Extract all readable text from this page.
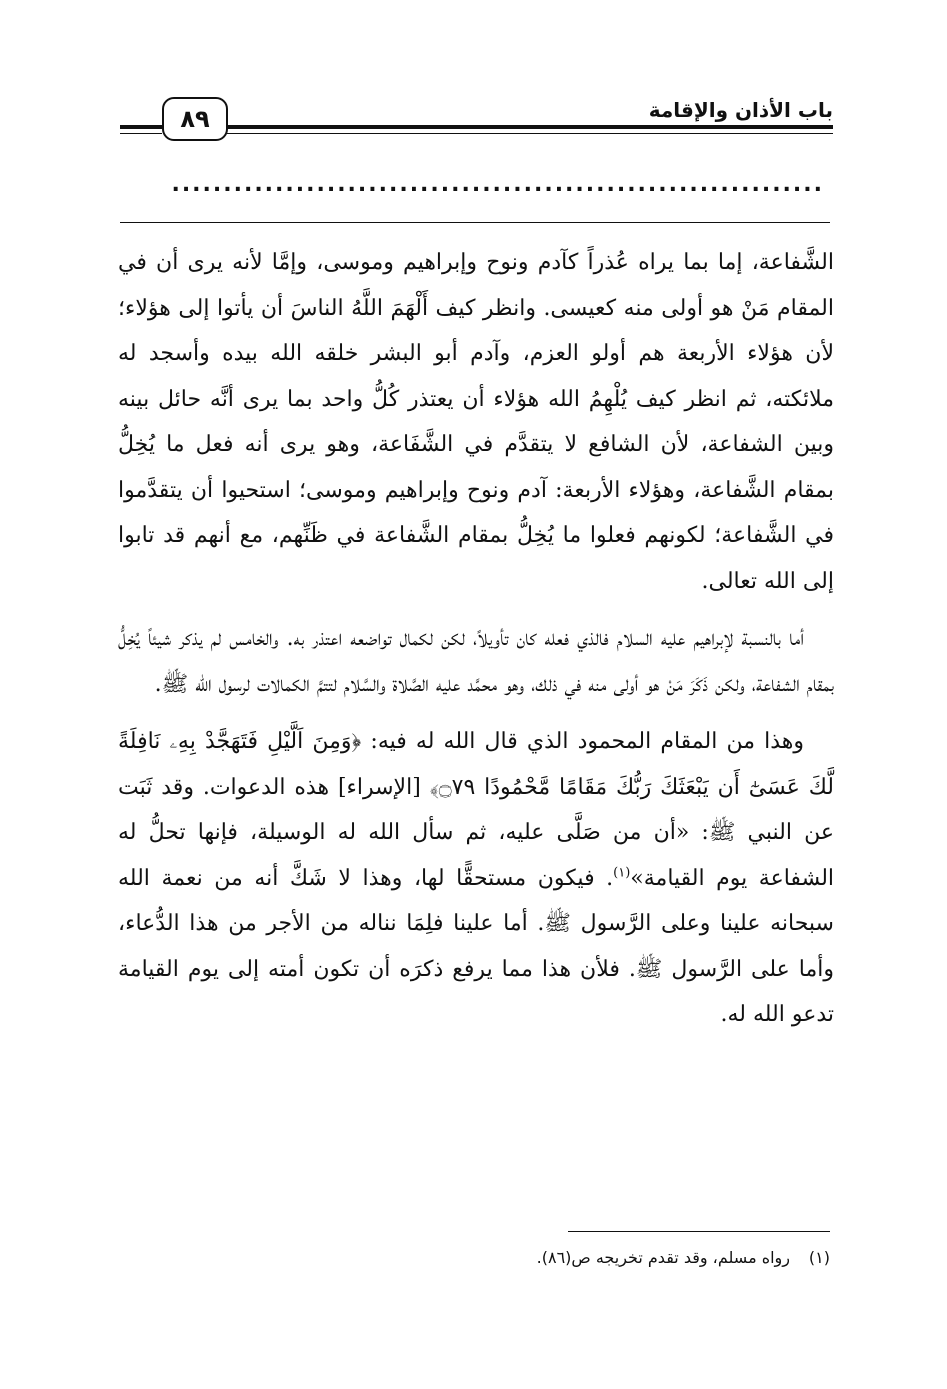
باب الأذان والإقامة
٨٩
...............................................................

الشَّفاعة، إما بما يراه عُذراً كآدم ونوح وإبراهيم وموسى، وإمَّا لأنه يرى أن في المقام مَنْ هو أولى منه كعيسى. وانظر كيف أَلْهَمَ اللَّهُ الناسَ أن يأتوا إلى هؤلاء؛ لأن هؤلاء الأربعة هم أولو العزم، وآدم أبو البشر خلقه الله بيده وأسجد له ملائكته، ثم انظر كيف يُلْهِمُ الله هؤلاء أن يعتذر كُلُّ واحد بما يرى أنَّه حائل بينه وبين الشفاعة، لأن الشافع لا يتقدَّم في الشَّفَاعة، وهو يرى أنه فعل ما يُخِلُّ بمقام الشَّفاعة، وهؤلاء الأربعة: آدم ونوح وإبراهيم وموسى؛ استحيوا أن يتقدَّموا في الشَّفاعة؛ لكونهم فعلوا ما يُخِلُّ بمقام الشَّفاعة في ظَنِّهم، مع أنهم قد تابوا إلى الله تعالى.

أما بالنسبة لإبراهيم عليه السلام فالذي فعله كان تأويلاً، لكن لكمال تواضعه اعتذر به. والخامس لم يذكر شيئاً يُخِلُّ بمقام الشفاعة، ولكن ذَكَرَ مَنْ هو أولى منه في ذلك، وهو محمَّد عليه الصَّلاة والسَّلام لتتمَّ الكمالات لرسول الله ﷺ.

وهذا من المقام المحمود الذي قال الله له فيه: ﴿وَمِنَ اَلَّيْلِ فَتَهَجَّدْ بِهِۦ نَافِلَةً لَّكَ عَسَىٰٓ أَن يَبْعَثَكَ رَبُّكَ مَقَامًا مَّحْمُودًا ۝٧٩﴾ [الإسراء] هذه الدعوات. وقد ثَبَت عن النبي ﷺ: «أن من صَلَّى عليه، ثم سأل الله له الوسيلة، فإنها تحلُّ له الشفاعة يوم القيامة»$^{(١)}$. فيكون مستحقًّا لها، وهذا لا شَكَّ أنه من نعمة الله سبحانه علينا وعلى الرَّسول ﷺ. أما علينا فلِمَا نناله من الأجر من هذا الدُّعاء، وأما على الرَّسول ﷺ. فلأن هذا مما يرفع ذكرَه أن تكون أمته إلى يوم القيامة تدعو الله له.

(١)رواه مسلم، وقد تقدم تخريجه ص(٨٦).
